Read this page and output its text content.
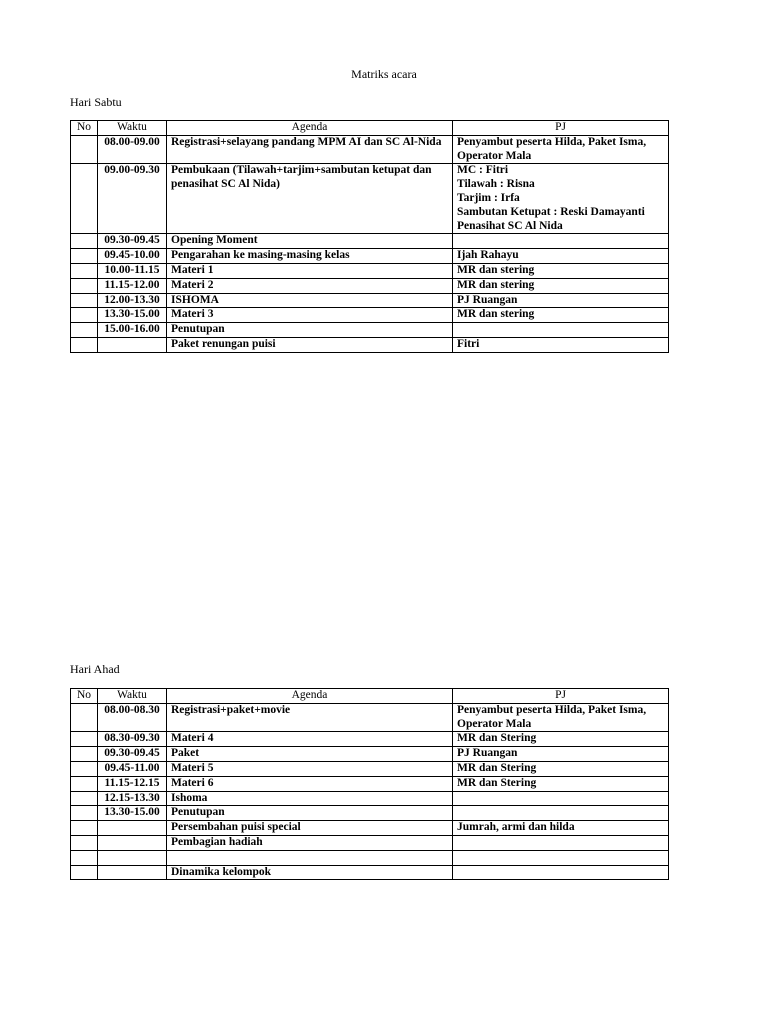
Matriks acara
Hari Sabtu
No	Waktu	Agenda	PJ
	08.00-09.00	Registrasi+selayang pandang MPM AI dan SC Al-Nida	Penyambut peserta Hilda, Paket Isma, Operator Mala
	09.00-09.30	Pembukaan (Tilawah+tarjim+sambutan ketupat dan penasihat SC Al Nida)	MC : Fitri
Tilawah : Risna
Tarjim : Irfa
Sambutan Ketupat : Reski Damayanti
Penasihat SC Al Nida
	09.30-09.45	Opening Moment	
	09.45-10.00	Pengarahan ke masing-masing kelas	Ijah Rahayu
	10.00-11.15	Materi 1	MR dan stering
	11.15-12.00	Materi 2	MR dan stering
	12.00-13.30	ISHOMA	PJ Ruangan
	13.30-15.00	Materi 3	MR dan stering
	15.00-16.00	Penutupan	
		Paket renungan puisi	Fitri
Hari Ahad
No	Waktu	Agenda	PJ
	08.00-08.30	Registrasi+paket+movie	Penyambut peserta Hilda, Paket Isma, Operator Mala
	08.30-09.30	Materi 4	MR dan Stering
	09.30-09.45	Paket	PJ Ruangan
	09.45-11.00	Materi 5	MR dan Stering
	11.15-12.15	Materi 6	MR dan Stering
	12.15-13.30	Ishoma	
	13.30-15.00	Penutupan	
		Persembahan puisi special	Jumrah, armi dan hilda
		Pembagian hadiah	

		Dinamika kelompok	
